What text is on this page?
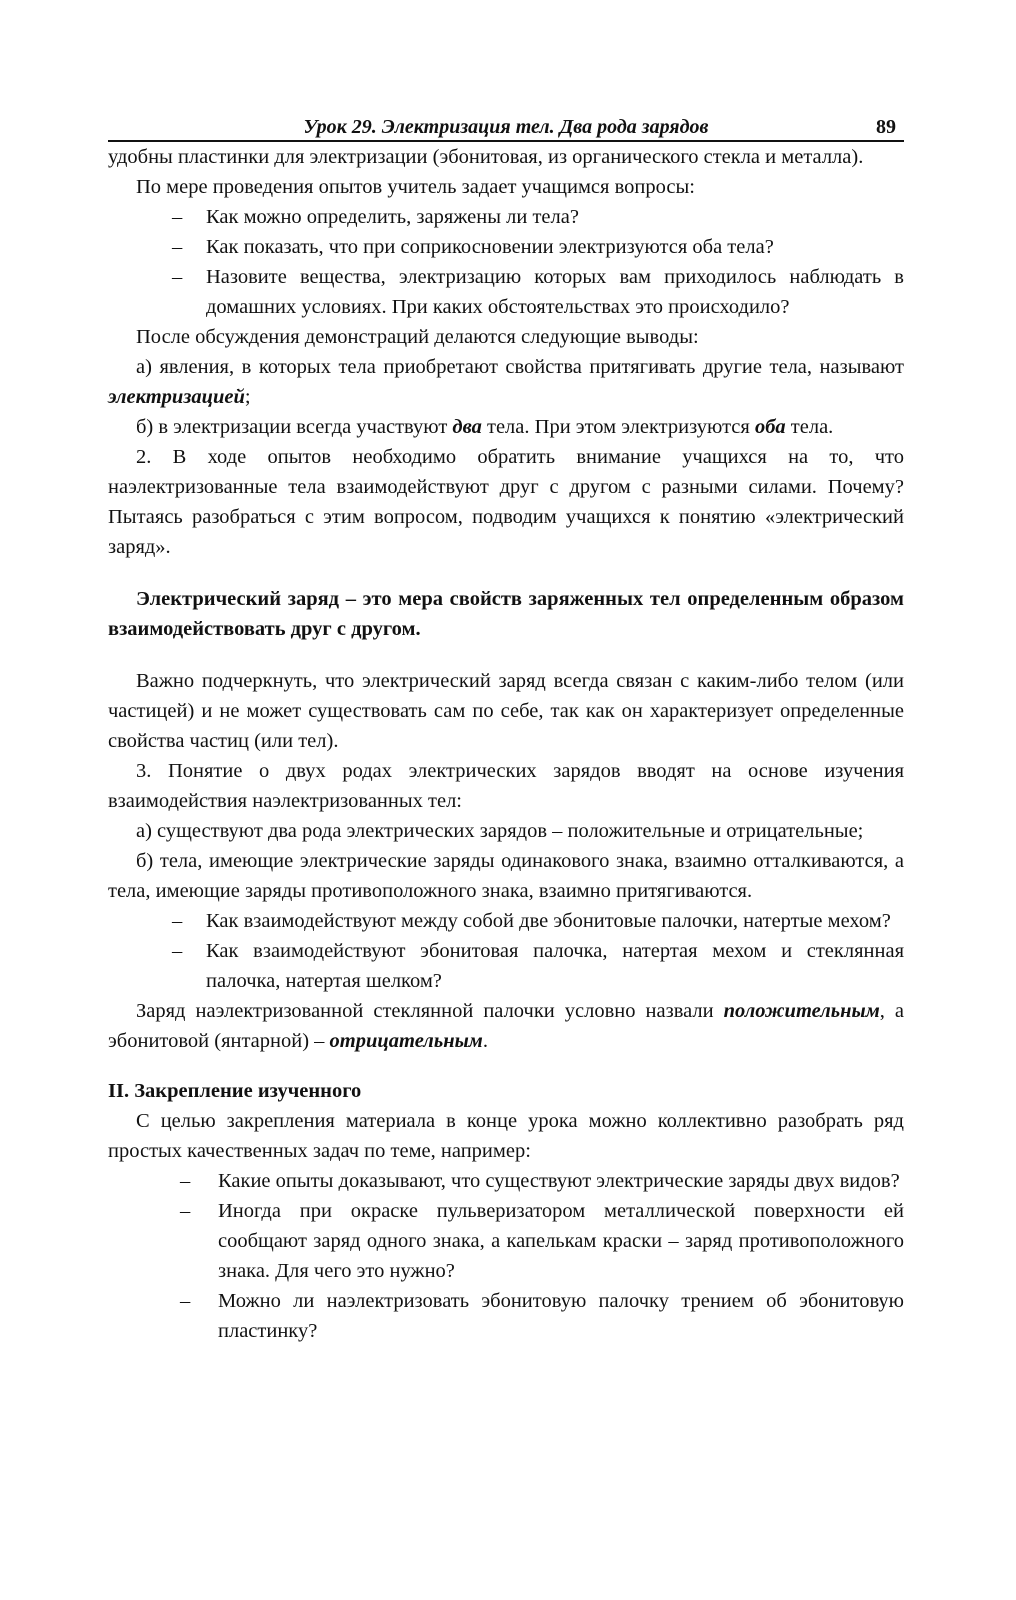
Урок 29. Электризация тел. Два рода зарядов	89

удобны пластинки для электризации (эбонитовая, из органического стекла и металла).

По мере проведения опытов учитель задает учащимся вопросы:

– Как можно определить, заряжены ли тела?
– Как показать, что при соприкосновении электризуются оба тела?
– Назовите вещества, электризацию которых вам приходилось наблюдать в домашних условиях. При каких обстоятельствах это происходило?

После обсуждения демонстраций делаются следующие выводы:

а) явления, в которых тела приобретают свойства притягивать другие тела, называют электризацией;

б) в электризации всегда участвуют два тела. При этом электризуются оба тела.

2. В ходе опытов необходимо обратить внимание учащихся на то, что наэлектризованные тела взаимодействуют друг с другом с разными силами. Почему? Пытаясь разобраться с этим вопросом, подводим учащихся к понятию «электрический заряд».

Электрический заряд – это мера свойств заряженных тел определенным образом взаимодействовать друг с другом.

Важно подчеркнуть, что электрический заряд всегда связан с каким-либо телом (или частицей) и не может существовать сам по себе, так как он характеризует определенные свойства частиц (или тел).

3. Понятие о двух родах электрических зарядов вводят на основе изучения взаимодействия наэлектризованных тел:

а) существуют два рода электрических зарядов – положительные и отрицательные;

б) тела, имеющие электрические заряды одинакового знака, взаимно отталкиваются, а тела, имеющие заряды противоположного знака, взаимно притягиваются.

– Как взаимодействуют между собой две эбонитовые палочки, натертые мехом?
– Как взаимодействуют эбонитовая палочка, натертая мехом и стеклянная палочка, натертая шелком?

Заряд наэлектризованной стеклянной палочки условно назвали положительным, а эбонитовой (янтарной) – отрицательным.

II. Закрепление изученного

С целью закрепления материала в конце урока можно коллективно разобрать ряд простых качественных задач по теме, например:

– Какие опыты доказывают, что существуют электрические заряды двух видов?
– Иногда при окраске пульверизатором металлической поверхности ей сообщают заряд одного знака, а капелькам краски – заряд противоположного знака. Для чего это нужно?
– Можно ли наэлектризовать эбонитовую палочку трением об эбонитовую пластинку?
